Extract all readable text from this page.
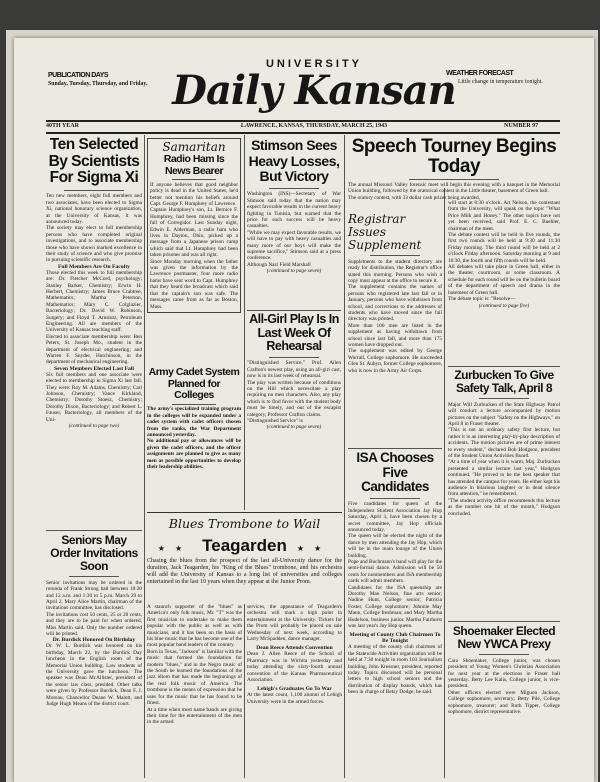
PUBLICATION DAYS
Sunday, Tuesday, Thursday, and Friday.
UNIVERSITY
Daily Kansan
WEATHER FORECAST
Little change in temperature tonight.
40TH YEAR	LAWRENCE, KANSAS, THURSDAY, MARCH 25, 1943	NUMBER 97
Ten Selected By Scientists For Sigma Xi
Ten new members, eight full members and two associates, have been elected to Sigma Xi, national honorary science organization, at the University of Kansas, it was announced today.
The society may elect to full membership persons who have completed original investigations, and to associate membership those who have shown marked excellence in their study of science and who give promise in pursuing scientific research.
Full Members Are On Faculty
Those elected this week to full membership are: Dr. Fletcher McCord, psychology; Stanley Barker, Chemistry; Erwin H. Herbert, Chemistry; James Bruce Crabtree, Mathematics; Martha Peterson, Mathematics; Mary C. Colglazier, Bacteriology; Dr. David W. Robinson, Surgery; and Floyd T. Arnstutz, Petroleum Engineering. All are members of the University of Kansas teaching staff.
Elected to associate membership were: Ben Peters, St. Joseph Mo., student in the department of electrical engineering; and Warren F. Snyder, Hutchinson, in the department of mechanical engineering.
Seven Members Elected Last Fall
Six full members and one associate were elected to membership in Sigma Xi last fall. They were: Roy M. Adams, Chemistry; Carl Johnson, Chemistry; Vance Kirkland, Chemistry; Dorothy Stoesz, Chemistry; Dorothy Dixon, Bacteriology; and Robert L. Fauser, Bacteriology, all members of the Uni-
(continued to page two)
Seniors May Order Invitations Soon
Senior invitations may be ordered in the rotunda of Frank Strong hall between 10:30 and 12 a.m. and 1:30 to 5 p.m. March 29 to April 2, Mary Alice Martin, chairman of the invitations committee, has disclosed.
The invitations cost 50 cents, 25 or 20 cents, and they are to be paid for when ordered, Miss Martin said. Only the number ordered will be printed.
Dr. Burdick Honored On Birthday
Dr. W. L. Burdick was honored on his birthday, March 22, by the Burdick Day luncheon in the English room of the Memorial Union building. Law students of the University gave the luncheon. The speaker was Dean McAllister, president of the senior law class, presided. Other talks were given by Professor Burdick, Dean F. J. Moreau, Chancellor Deane W. Malott, and Judge Hugh Means of the district court.
Samaritan
Radio Ham Is News Bearer
If anyone believes that good neighbor policy is dead in the United States, he'd better not mention his beliefs around Capt. George F. Humphrey of Lawrence.
Captain Humphrey's son, Lt. Bernice F. Humphrey, had been missing since the fall of Corregidor. Last Sunday night, Edwin E. Alderman, a radio ham who lives in Dayton, Ohio, picked up a message from a Japanese prison camp which said that Lt. Humphrey had been taken prisoner and was all right.
Since Monday morning when the father was given the information by the Lawrence postmaster, four more radio hams have sent word to Capt. Humphrey that they heard the broadcast which said that the captain's son was safe. The messages came from as far as Boston, Mass.
Army Cadet System Planned for Colleges
The army's specialized training program in the colleges will be expanded under a cadet system with cadet officers chosen from the ranks, the War Department announced yesterday.
No additional pay or allowances will be given the cadet officers, and the officer assignments are planned to give as many men as possible opportunities to develop their leadership abilities.
Stimson Sees Heavy Losses, But Victory
Washington (INS)—Secretary of War Stimson said today that the nation may expect favorable results in the current heavy fighting in Tunisia, but warned that the price for such success will be heavy casualties.
"While we may expect favorable results, we will have to pay with heavy casualties and many more of our boys will make the supreme sacrifice," Stimson said at a press conference.
Although Nazi Field Marshall
(continued to page seven)
All-Girl Play Is In Last Week Of Rehearsal
"Distinguished Service," Prof. Allen Crafton's newest play, using an all-girl cast, now is in its last week of rehearsal.
The play was written because of conditions on the Hill which necessitate a play requiring no men characters. Also, any play which is to find favor with the student body must be timely, and out of the escapist category, Professor Crafton claims.
"Distinguished Service" is
(continued to page seven)
Speech Tourney Begins Today
The annual Missouri Valley forensic meet will begin this evening with a banquet in the Memorial Union building, followed by the oratorical contest in the Little theater, basement of Green hall.
The oratory contest, with 33 dollar cash prizes being awarded,
Registrar Issues Supplement
Supplements to the student directory are ready for distribution, the Registrar's office stated this morning. Persons who wish a copy must appear at the office to secure it.
The supplement contains the names of persons who registered late last fall or in January, persons who have withdrawn from school, and corrections to the addresses of students who have moved since the fall directory was printed.
More than 100 men are listed in the supplement as having withdrawn from school since last fall, and more than 175 women have dropped out.
The supplement was edited by George Worrall, College sophomore. He succeeded Glen St. Aubyn, former College sophomore, who is now in the Army Air Corps.
ISA Chooses Five Candidates
Five candidates for queen of the Independent Student Association Jay Hop Saturday, April 3, have been chosen by a secret committee, Jay Hop officials announced today.
The queen will be elected the night of the dance by men attending the Jay Hop, which will be in the main lounge of the Union building.
Pope and Buchmann's band will play for the semi-formal dance. Admission will be 50 cents for nonmembers and ISA membership cards will admit members.
Candidates for the ISA queenship are Dorothy Mae Nelson, fine arts senior; Nadine Hunt, College senior; Patricia Foster, College sophomore; Johnnie May Mann, College freshman; and Mary Martha Hudelson, business junior. Martha Fairhurst was last year's Jay Hop queen.
Meeting of County Club Chairmen To Be Tonight
A meeting of the county club chairmen of the Statewide Activities organization will be held at 7:30 tonight in room 103 Journalism building, John Kressner, president, reported today. Topics discussed will be personal letters to high school seniors and the distribution of display boards, which has been in charge of Betsy Dodge, he said.
will start at 8:30 o'clock. Art Nelson, the contestant from the University, will speak on the topic "What Price Milk and Honey." The other topics have not yet been received, said Prof. E. C. Buehler, chairman of the meet.
The debate contest will be held in five rounds, the first two rounds will be held at 9:30 and 11:30 Friday morning. The third round will be held at 2 o'clock Friday afternoon. Saturday morning at 9 and 10:30, the fourth and fifth rounds will be held.
All debates will take place in Green hall, either in the theater, courtroom, or some classroom. A schedule for each round will be on the bulletin board of the department of speech and drama in the basement of Green hall.
The debate topic is: "Resolve—
(continued to page five)
Zurbucken To Give Safety Talk, April 8
Major Will Zurbucken of the State Highway Patrol will conduct a lecture accompanied by motion pictures on the subject "Safety on the Highways," on April 8 in Fraser theater.
"This is not an ordinary safety first lecture, but rather it is an interesting play-by-play description of accidents. The motion pictures are of prime interest to every student," declared Bob Hodgson, president of the Student Union Activities Board.
"At a time of year when it is warm, Maj. Zurbucken presented a similar lecture last year," Hodgson continued. "He proved to be the best speaker that has attended the campus for years. He either kept his audience in hilarious laughter or in dead silence from attention," he remembered.
"The student activity office recommends this lecture as the number one hit of the month," Hodgson concluded.
Shoemaker Elected New YWCA Prexy
Cara Shoemaker, College junior, was chosen president of Young Women's Christian Association for next year at the elections in Fraser hall yesterday. Betty Lee Kalis, College junior, is vice-president.
Other officers elected were Miguon Jackson, College sophomore, secretary; Betty Pile, College sophomore, treasurer; and Ruth Tipper, College sophomore, district representative.
Blues Trombone to Wail
★★ Teagarden ★★
Chasing the blues from the prospect of the last all-University dance for the duration, Jack Teagarden, his "King of the Blues" trombone, and his orchestra will add the University of Kansas to a long list of universities and colleges entertained in the last 10 years when they appear at the Junior Prom.
A staunch supporter of the "blues" as America's only folk music, Mr. "T" was the first musician to undertake to make them popular with the public as well as with musicians, and it has been on the basis of his blue music that he has become one of the most popular band leaders of the country.
Born in Texas, "Jackson" is familiar with the music that formed the foundation for modern "blues," and in the Negro music of the South he learned the foundations of the jazz idiom that has made the beginnings of the real folk music of America. The trombone is the means of expression that he uses for the music that he has found to be finest.
At a time when most name bands are giving their time for the entertainment of the men in the armed
services, the appearance of Teagarden's orchestra will mark a high point in entertainment at the University. Tickets for the Prom will probably be placed on sale Wednesday of next week, according to Larry McSpadden, dance manager.
Dean Reece Attends Convention
Dean J. Allen Reece of the School of Pharmacy was in Wichita yesterday and today attending the sixty-fourth annual convention of the Kansas Pharmaceutical Association.
Lehigh's Graduates Go To War
At the latest count, 1,100 alumni of Lehigh University were in the armed forces.
